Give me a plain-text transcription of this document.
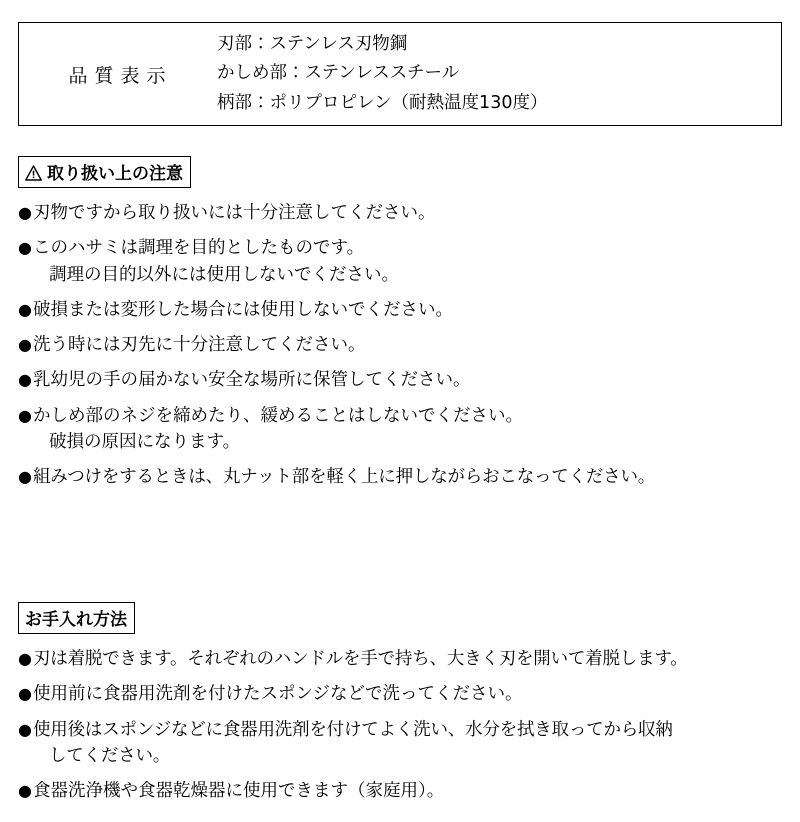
品質表示
刃部：ステンレス刃物鋼
かしめ部：ステンレススチール
柄部：ポリプロピレン（耐熱温度130度）
取り扱い上の注意
● 刃物ですから取り扱いには十分注意してください。
● このハサミは調理を目的としたものです。
調理の目的以外には使用しないでください。
● 破損または変形した場合には使用しないでください。
● 洗う時には刃先に十分注意してください。
● 乳幼児の手の届かない安全な場所に保管してください。
● かしめ部のネジを締めたり、緩めることはしないでください。
破損の原因になります。
● 組みつけをするときは、丸ナット部を軽く上に押しながらおこなってください。
お手入れ方法
● 刃は着脱できます。それぞれのハンドルを手で持ち、大きく刃を開いて着脱します。
● 使用前に食器用洗剤を付けたスポンジなどで洗ってください。
● 使用後はスポンジなどに食器用洗剤を付けてよく洗い、水分を拭き取ってから収納
してください。
● 食器洗浄機や食器乾燥器に使用できます（家庭用）。
